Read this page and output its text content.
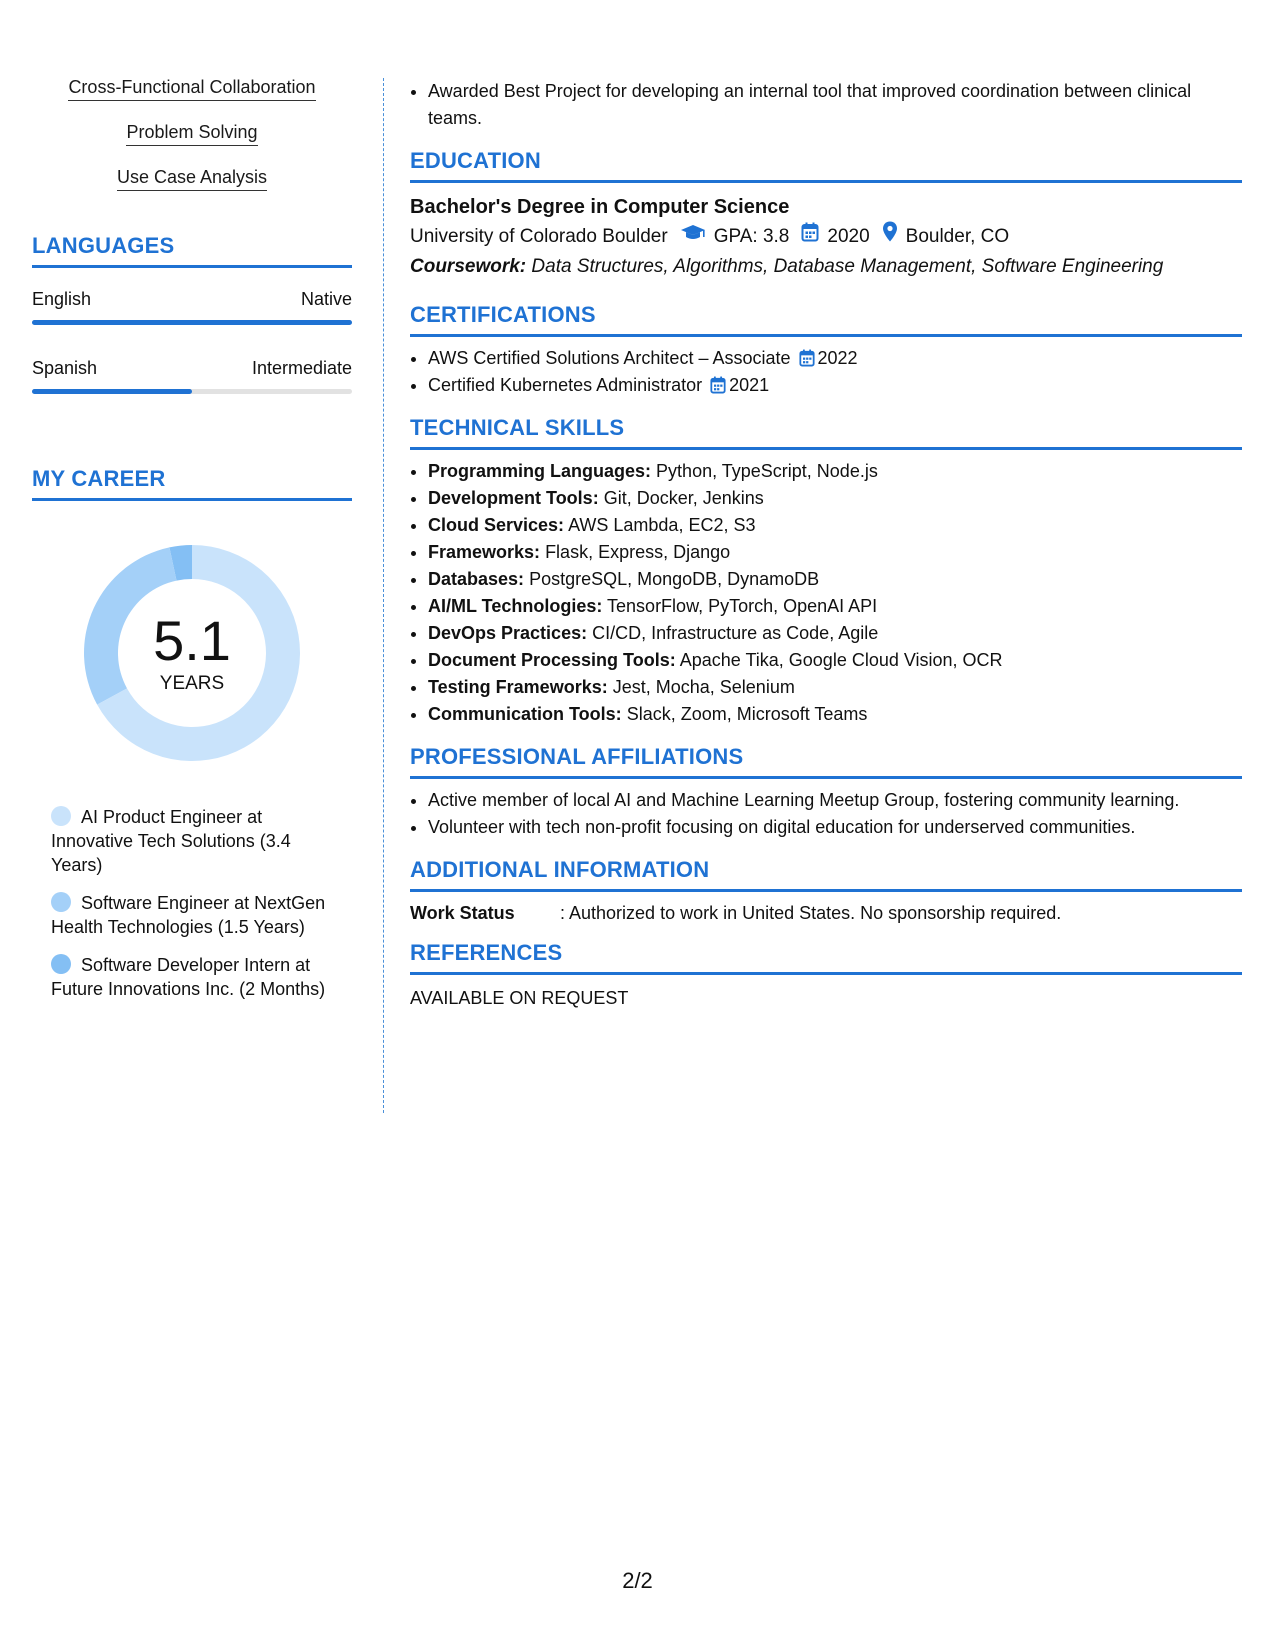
Cross-Functional Collaboration
Problem Solving
Use Case Analysis
LANGUAGES
English	Native
Spanish	Intermediate
MY CAREER
5.1
YEARS
AI Product Engineer at Innovative Tech Solutions (3.4 Years)
Software Engineer at NextGen Health Technologies (1.5 Years)
Software Developer Intern at Future Innovations Inc. (2 Months)
• Awarded Best Project for developing an internal tool that improved coordination between clinical teams.
EDUCATION
Bachelor's Degree in Computer Science
University of Colorado Boulder GPA: 3.8 2020 Boulder, CO
Coursework: Data Structures, Algorithms, Database Management, Software Engineering
CERTIFICATIONS
• AWS Certified Solutions Architect – Associate 2022
• Certified Kubernetes Administrator 2021
TECHNICAL SKILLS
• Programming Languages: Python, TypeScript, Node.js
• Development Tools: Git, Docker, Jenkins
• Cloud Services: AWS Lambda, EC2, S3
• Frameworks: Flask, Express, Django
• Databases: PostgreSQL, MongoDB, DynamoDB
• AI/ML Technologies: TensorFlow, PyTorch, OpenAI API
• DevOps Practices: CI/CD, Infrastructure as Code, Agile
• Document Processing Tools: Apache Tika, Google Cloud Vision, OCR
• Testing Frameworks: Jest, Mocha, Selenium
• Communication Tools: Slack, Zoom, Microsoft Teams
PROFESSIONAL AFFILIATIONS
• Active member of local AI and Machine Learning Meetup Group, fostering community learning.
• Volunteer with tech non-profit focusing on digital education for underserved communities.
ADDITIONAL INFORMATION
Work Status	: Authorized to work in United States. No sponsorship required.
REFERENCES
AVAILABLE ON REQUEST
2/2
